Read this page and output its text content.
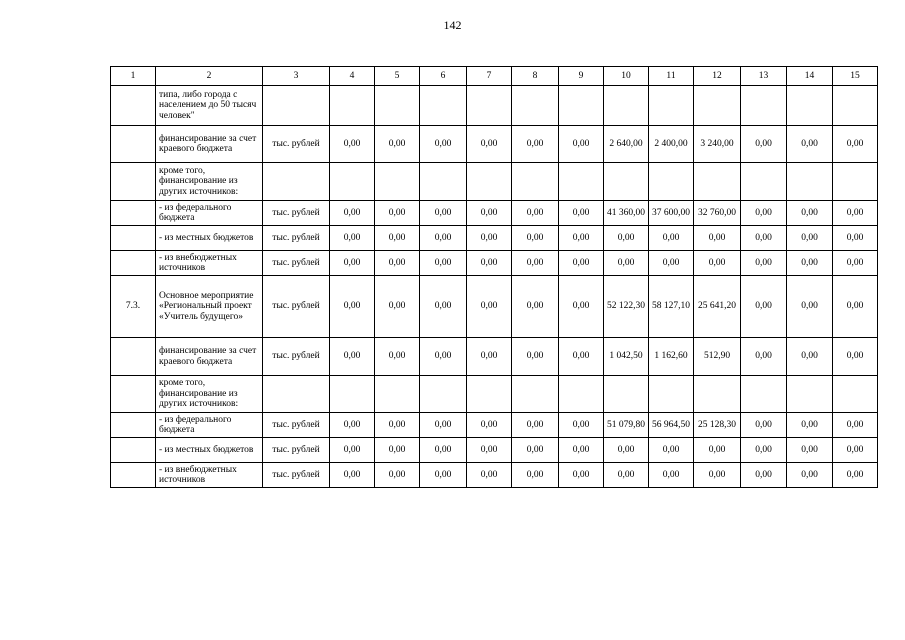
142
1	2	3	4	5	6	7	8	9	10	11	12	13	14	15
	типа, либо города с населением до 50 тысяч человек"													
	финансирование за счет краевого бюджета	тыс. рублей	0,00	0,00	0,00	0,00	0,00	0,00	2 640,00	2 400,00	3 240,00	0,00	0,00	0,00
	кроме того, финансирование из других источников:													
	- из федерального бюджета	тыс. рублей	0,00	0,00	0,00	0,00	0,00	0,00	41 360,00	37 600,00	32 760,00	0,00	0,00	0,00
	- из местных бюджетов	тыс. рублей	0,00	0,00	0,00	0,00	0,00	0,00	0,00	0,00	0,00	0,00	0,00	0,00
	- из внебюджетных источников	тыс. рублей	0,00	0,00	0,00	0,00	0,00	0,00	0,00	0,00	0,00	0,00	0,00	0,00
7.3.	Основное мероприятие «Региональный проект «Учитель будущего»	тыс. рублей	0,00	0,00	0,00	0,00	0,00	0,00	52 122,30	58 127,10	25 641,20	0,00	0,00	0,00
	финансирование за счет краевого бюджета	тыс. рублей	0,00	0,00	0,00	0,00	0,00	0,00	1 042,50	1 162,60	512,90	0,00	0,00	0,00
	кроме того, финансирование из других источников:													
	- из федерального бюджета	тыс. рублей	0,00	0,00	0,00	0,00	0,00	0,00	51 079,80	56 964,50	25 128,30	0,00	0,00	0,00
	- из местных бюджетов	тыс. рублей	0,00	0,00	0,00	0,00	0,00	0,00	0,00	0,00	0,00	0,00	0,00	0,00
	- из внебюджетных источников	тыс. рублей	0,00	0,00	0,00	0,00	0,00	0,00	0,00	0,00	0,00	0,00	0,00	0,00
